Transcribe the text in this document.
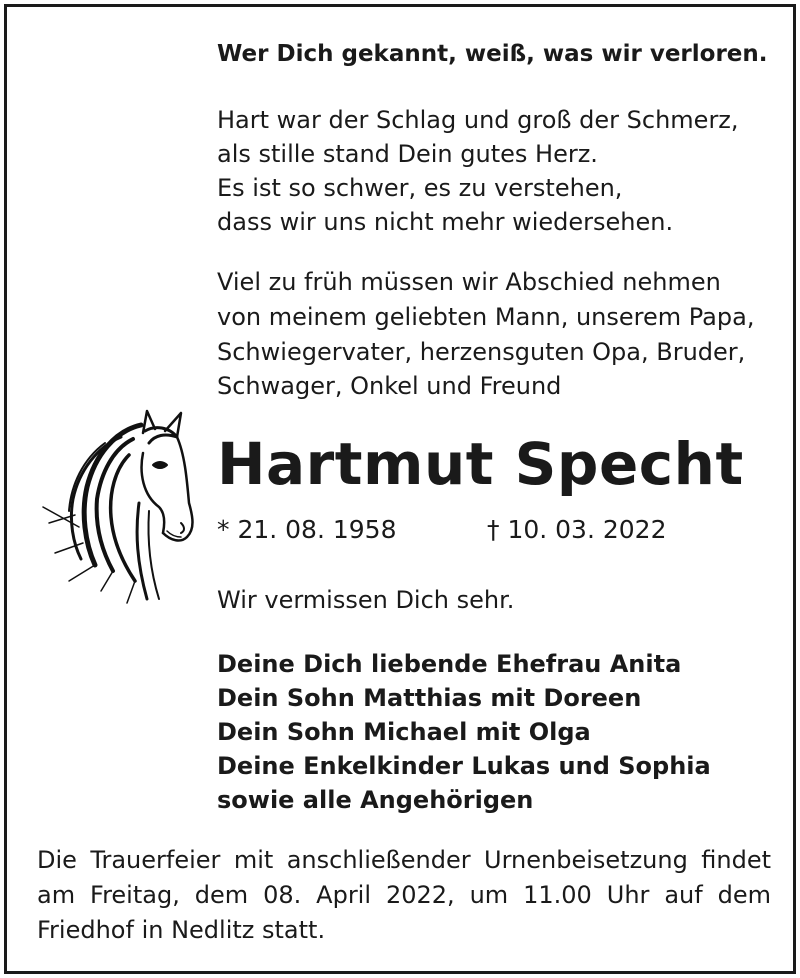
Wer Dich gekannt, weiß, was wir verloren.
Hart war der Schlag und groß der Schmerz,
als stille stand Dein gutes Herz.
Es ist so schwer, es zu verstehen,
dass wir uns nicht mehr wiedersehen.
Viel zu früh müssen wir Abschied nehmen
von meinem geliebten Mann, unserem Papa,
Schwiegervater, herzensguten Opa, Bruder,
Schwager, Onkel und Freund
Hartmut Specht
* 21. 08. 1958	† 10. 03. 2022
Wir vermissen Dich sehr.
Deine Dich liebende Ehefrau Anita
Dein Sohn Matthias mit Doreen
Dein Sohn Michael mit Olga
Deine Enkelkinder Lukas und Sophia
sowie alle Angehörigen
Die Trauerfeier mit anschließender Urnenbeisetzung findet
am Freitag, dem 08. April 2022, um 11.00 Uhr auf dem
Friedhof in Nedlitz statt.
